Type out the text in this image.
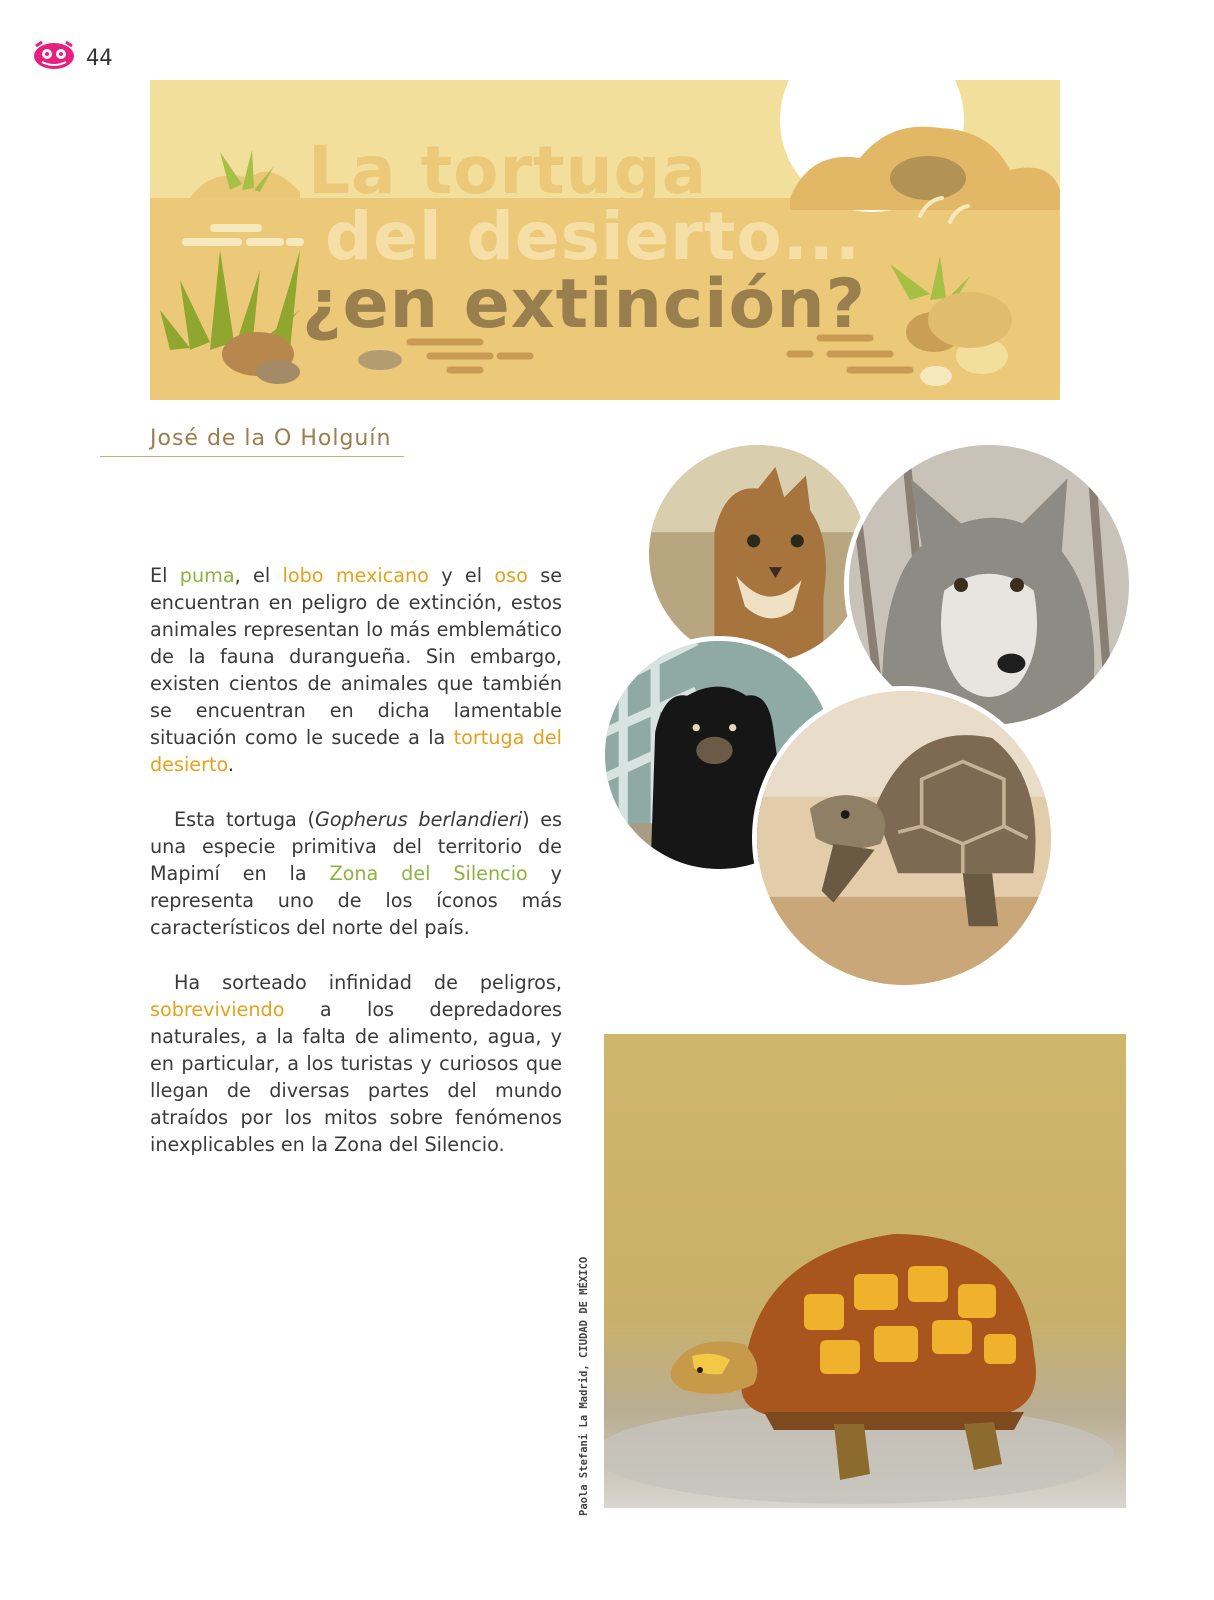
44
La tortuga
del desierto...
¿en extinción?
José de la O Holguín

El puma, el lobo mexicano y el oso se encuentran en peligro de extinción, estos animales representan lo más emblemático de la fauna duranguеña. Sin embargo, existen cientos de animales que también se encuentran en dicha lamentable situación como le sucede a la tortuga del desierto.

Esta tortuga (Gopherus berlandieri) es una especie primitiva del territorio de Mapimí en la Zona del Silencio y representa uno de los íconos más característicos del norte del país.

Ha sorteado infinidad de peligros, sobreviviendo a los depredadores naturales, a la falta de alimento, agua, y en particular, a los turistas y curiosos que llegan de diversas partes del mundo atraídos por los mitos sobre fenómenos inexplicables en la Zona del Silencio.

Paola Stefani La Madrid, CIUDAD DE MÉXICO
